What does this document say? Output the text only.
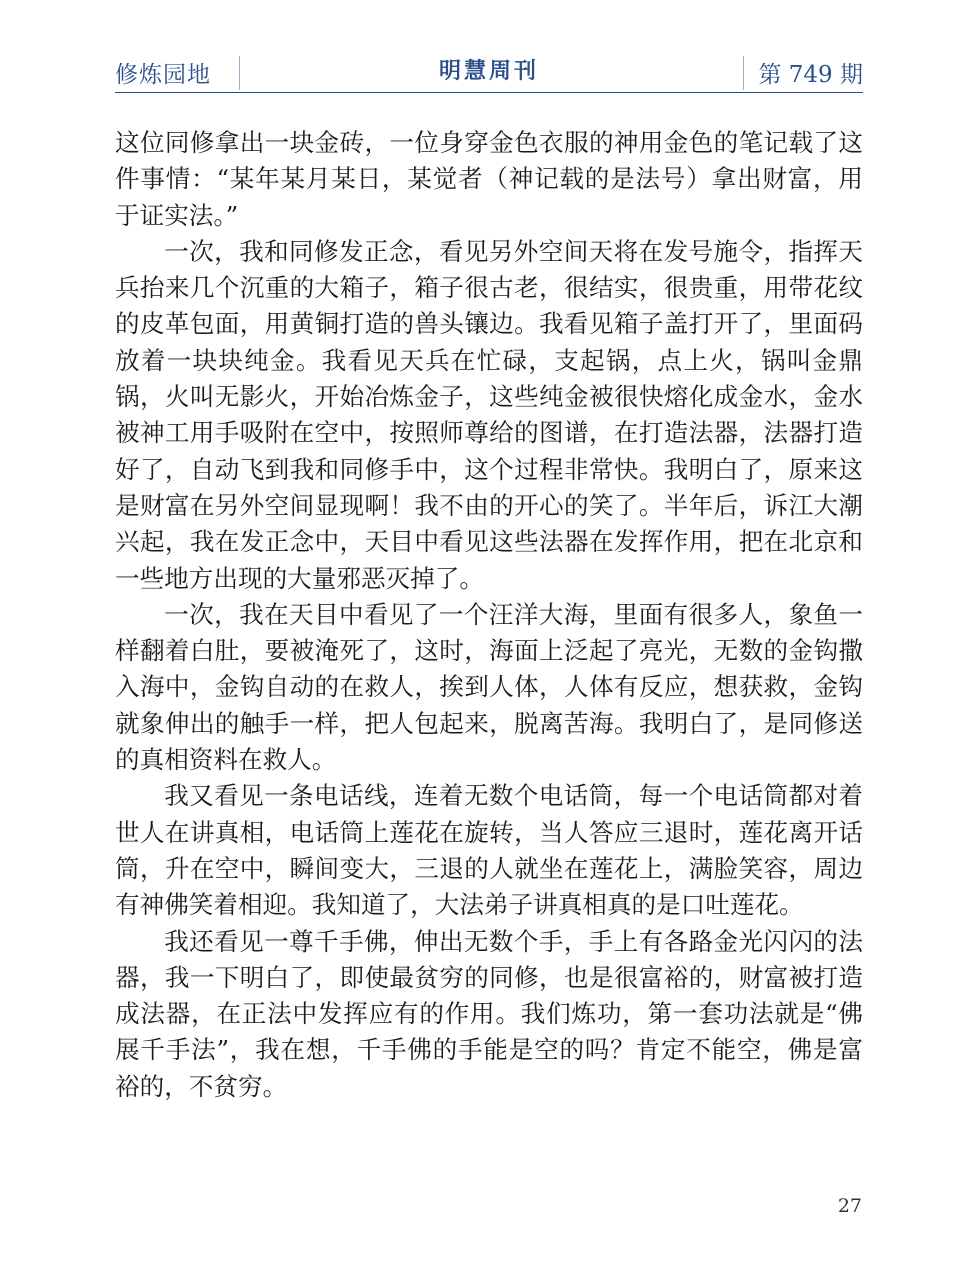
修炼园地	明慧周刊	第 749 期

这位同修拿出一块金砖，一位身穿金色衣服的神用金色的笔记载了这件事情：“某年某月某日，某觉者（神记载的是法号）拿出财富，用于证实法。”

一次，我和同修发正念，看见另外空间天将在发号施令，指挥天兵抬来几个沉重的大箱子，箱子很古老，很结实，很贵重，用带花纹的皮革包面，用黄铜打造的兽头镶边。我看见箱子盖打开了，里面码放着一块块纯金。我看见天兵在忙碌，支起锅，点上火，锅叫金鼎锅，火叫无影火，开始冶炼金子，这些纯金被很快熔化成金水，金水被神工用手吸附在空中，按照师尊给的图谱，在打造法器，法器打造好了，自动飞到我和同修手中，这个过程非常快。我明白了，原来这是财富在另外空间显现啊！我不由的开心的笑了。半年后，诉江大潮兴起，我在发正念中，天目中看见这些法器在发挥作用，把在北京和一些地方出现的大量邪恶灭掉了。

一次，我在天目中看见了一个汪洋大海，里面有很多人，象鱼一样翻着白肚，要被淹死了，这时，海面上泛起了亮光，无数的金钩撒入海中，金钩自动的在救人，挨到人体，人体有反应，想获救，金钩就象伸出的触手一样，把人包起来，脱离苦海。我明白了，是同修送的真相资料在救人。

我又看见一条电话线，连着无数个电话筒，每一个电话筒都对着世人在讲真相，电话筒上莲花在旋转，当人答应三退时，莲花离开话筒，升在空中，瞬间变大，三退的人就坐在莲花上，满脸笑容，周边有神佛笑着相迎。我知道了，大法弟子讲真相真的是口吐莲花。

我还看见一尊千手佛，伸出无数个手，手上有各路金光闪闪的法器，我一下明白了，即使最贫穷的同修，也是很富裕的，财富被打造成法器，在正法中发挥应有的作用。我们炼功，第一套功法就是“佛展千手法”，我在想，千手佛的手能是空的吗？肯定不能空，佛是富裕的，不贫穷。

27
